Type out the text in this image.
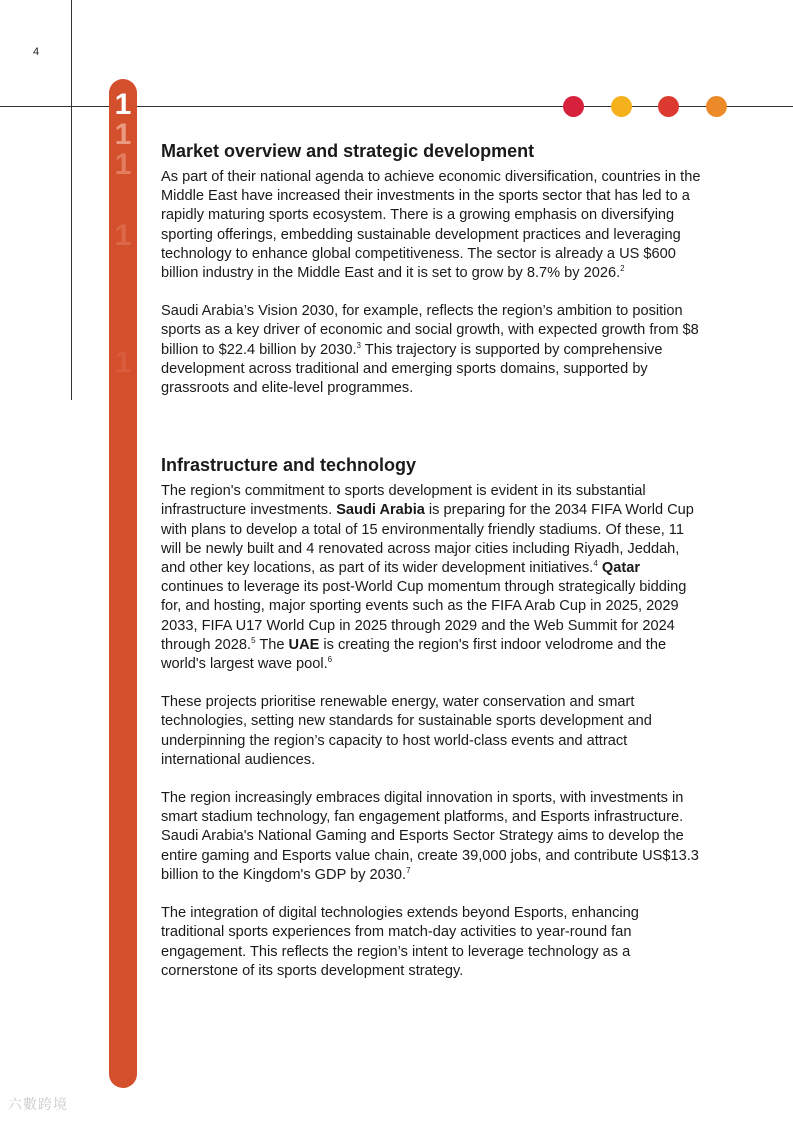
4
1
1
1
1
1
Market overview and strategic development

As part of their national agenda to achieve economic diversification, countries in the Middle East have increased their investments in the sports sector that has led to a rapidly maturing sports ecosystem. There is a growing emphasis on diversifying sporting offerings, embedding sustainable development practices and leveraging technology to enhance global competitiveness. The sector is already a US $600 billion industry in the Middle East and it is set to grow by 8.7% by 2026.$^2$

Saudi Arabia’s Vision 2030, for example, reflects the region’s ambition to position sports as a key driver of economic and social growth, with expected growth from $8 billion to $22.4 billion by 2030.$^3$ This trajectory is supported by comprehensive development across traditional and emerging sports domains, supported by grassroots and elite-level programmes.

Infrastructure and technology

The region's commitment to sports development is evident in its substantial infrastructure investments. Saudi Arabia is preparing for the 2034 FIFA World Cup with plans to develop a total of 15 environmentally friendly stadiums. Of these, 11 will be newly built and 4 renovated across major cities including Riyadh, Jeddah, and other key locations, as part of its wider development initiatives.$^4$ Qatar continues to leverage its post-World Cup momentum through strategically bidding for, and hosting, major sporting events such as the FIFA Arab Cup in 2025, 2029 2033, FIFA U17 World Cup in 2025 through 2029 and the Web Summit for 2024 through 2028.$^5$ The UAE is creating the region's first indoor velodrome and the world's largest wave pool.$^6$

These projects prioritise renewable energy, water conservation and smart technologies, setting new standards for sustainable sports development and underpinning the region’s capacity to host world-class events and attract international audiences.

The region increasingly embraces digital innovation in sports, with investments in smart stadium technology, fan engagement platforms, and Esports infrastructure. Saudi Arabia's National Gaming and Esports Sector Strategy aims to develop the entire gaming and Esports value chain, create 39,000 jobs, and contribute US$13.3 billion to the Kingdom's GDP by 2030.$^7$

The integration of digital technologies extends beyond Esports, enhancing traditional sports experiences from match-day activities to year-round fan engagement. This reflects the region’s intent to leverage technology as a cornerstone of its sports development strategy.

六數跨境
